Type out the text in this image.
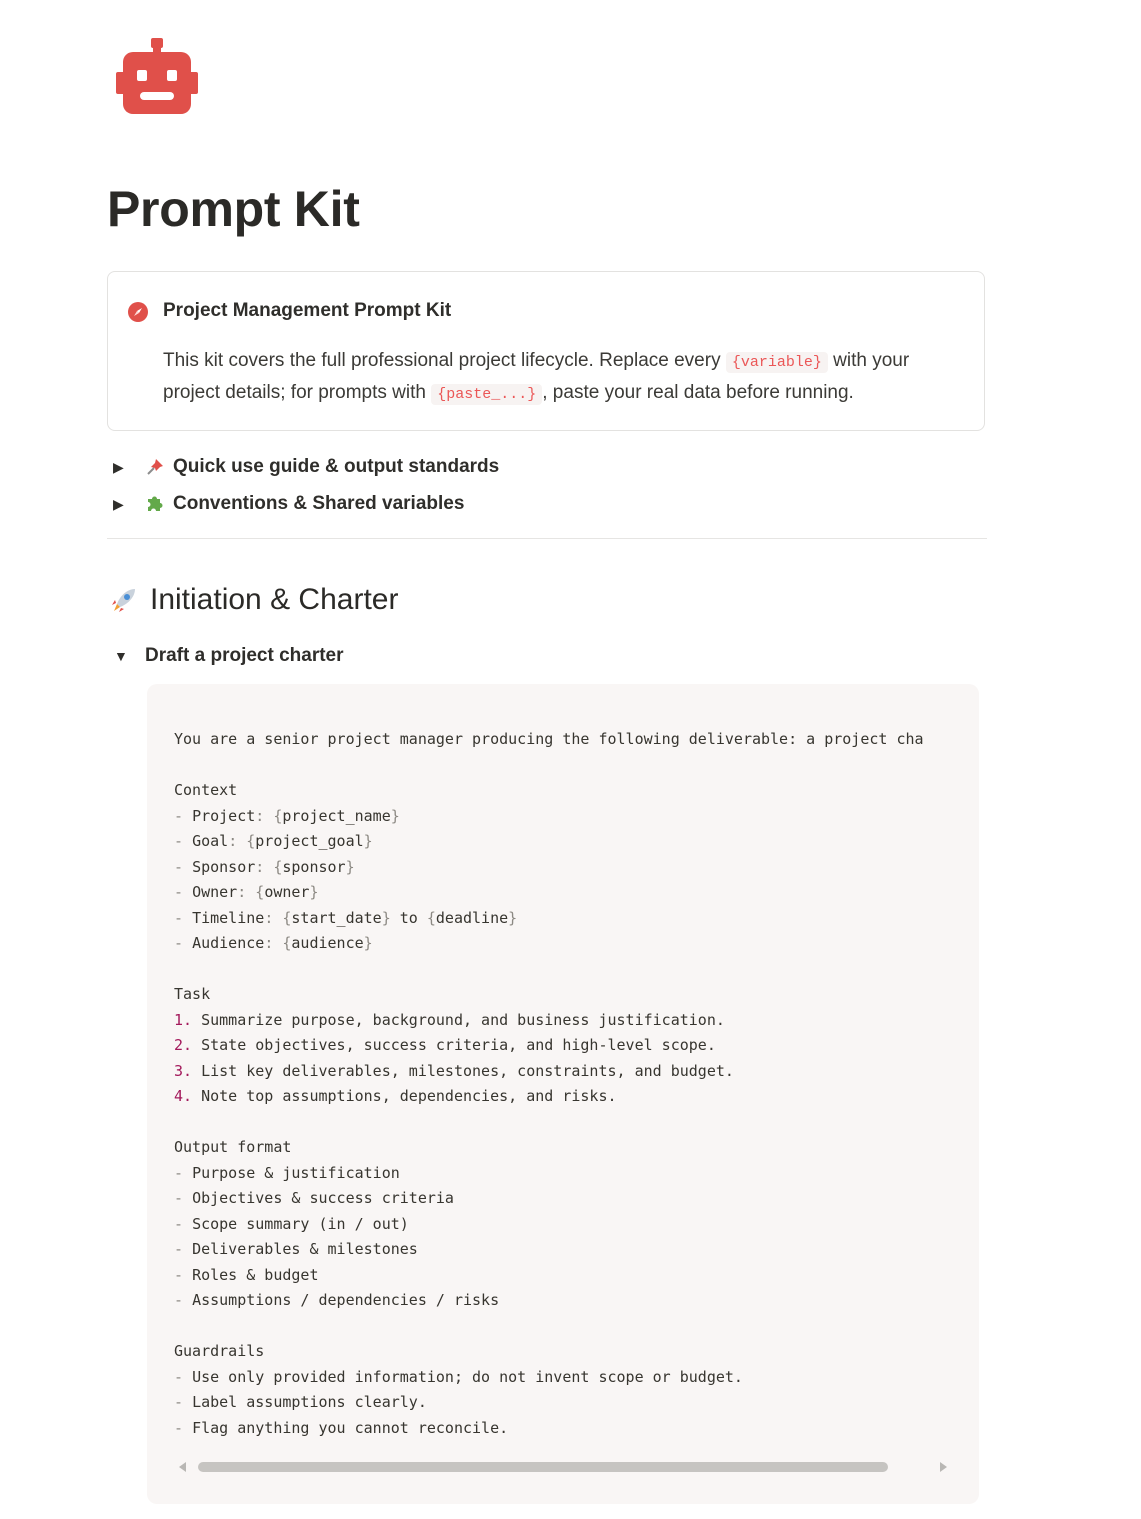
Prompt Kit
Project Management Prompt Kit
This kit covers the full professional project lifecycle. Replace every {variable} with your project details; for prompts with {paste_...} , paste your real data before running.
▶	Quick use guide & output standards
▶	Conventions & Shared variables
Initiation & Charter
▼ Draft a project charter
You are a senior project manager producing the following deliverable: a project cha

Context
- Project: {project_name}
- Goal: {project_goal}
- Sponsor: {sponsor}
- Owner: {owner}
- Timeline: {start_date} to {deadline}
- Audience: {audience}

Task
1. Summarize purpose, background, and business justification.
2. State objectives, success criteria, and high-level scope.
3. List key deliverables, milestones, constraints, and budget.
4. Note top assumptions, dependencies, and risks.

Output format
- Purpose & justification
- Objectives & success criteria
- Scope summary (in / out)
- Deliverables & milestones
- Roles & budget
- Assumptions / dependencies / risks

Guardrails
- Use only provided information; do not invent scope or budget.
- Label assumptions clearly.
- Flag anything you cannot reconcile.
